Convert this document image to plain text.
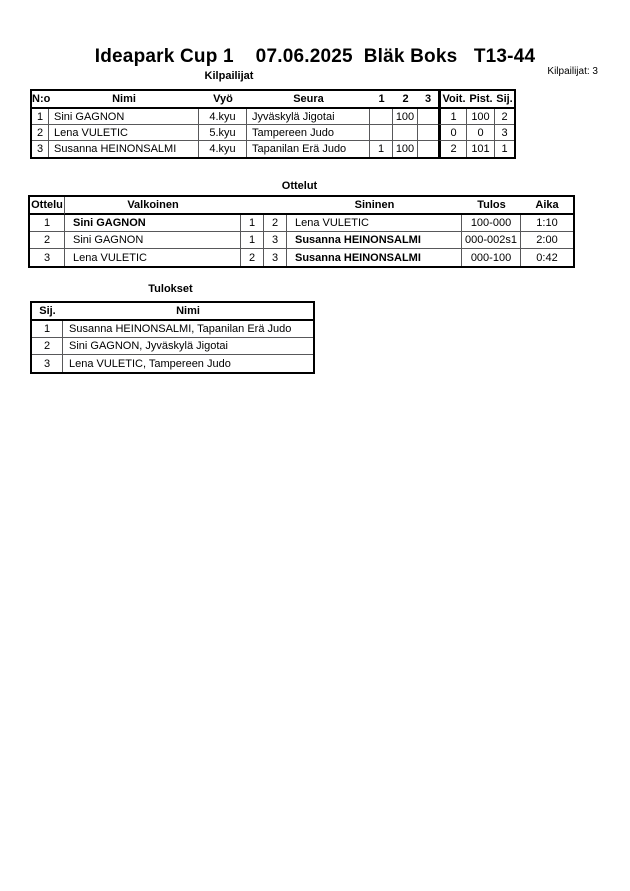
Ideapark Cup 1    07.06.2025  Bläk Boks   T13-44
Kilpailijat	Kilpailijat: 3
N:o	Nimi	Vyö	Seura	1	2	3	Voit.	Pist.	Sij.
1	Sini GAGNON	4.kyu	Jyväskylä Jigotai		100		1	100	2
2	Lena VULETIC	5.kyu	Tampereen Judo				0	0	3
3	Susanna HEINONSALMI	4.kyu	Tapanilan Erä Judo	1	100		2	101	1
Ottelut
Ottelu	Valkoinen			Sininen	Tulos	Aika
1	Sini GAGNON	1	2	Lena VULETIC	100-000	1:10
2	Sini GAGNON	1	3	Susanna HEINONSALMI	000-002s1	2:00
3	Lena VULETIC	2	3	Susanna HEINONSALMI	000-100	0:42
Tulokset
Sij.	Nimi
1	Susanna HEINONSALMI, Tapanilan Erä Judo
2	Sini GAGNON, Jyväskylä Jigotai
3	Lena VULETIC, Tampereen Judo
